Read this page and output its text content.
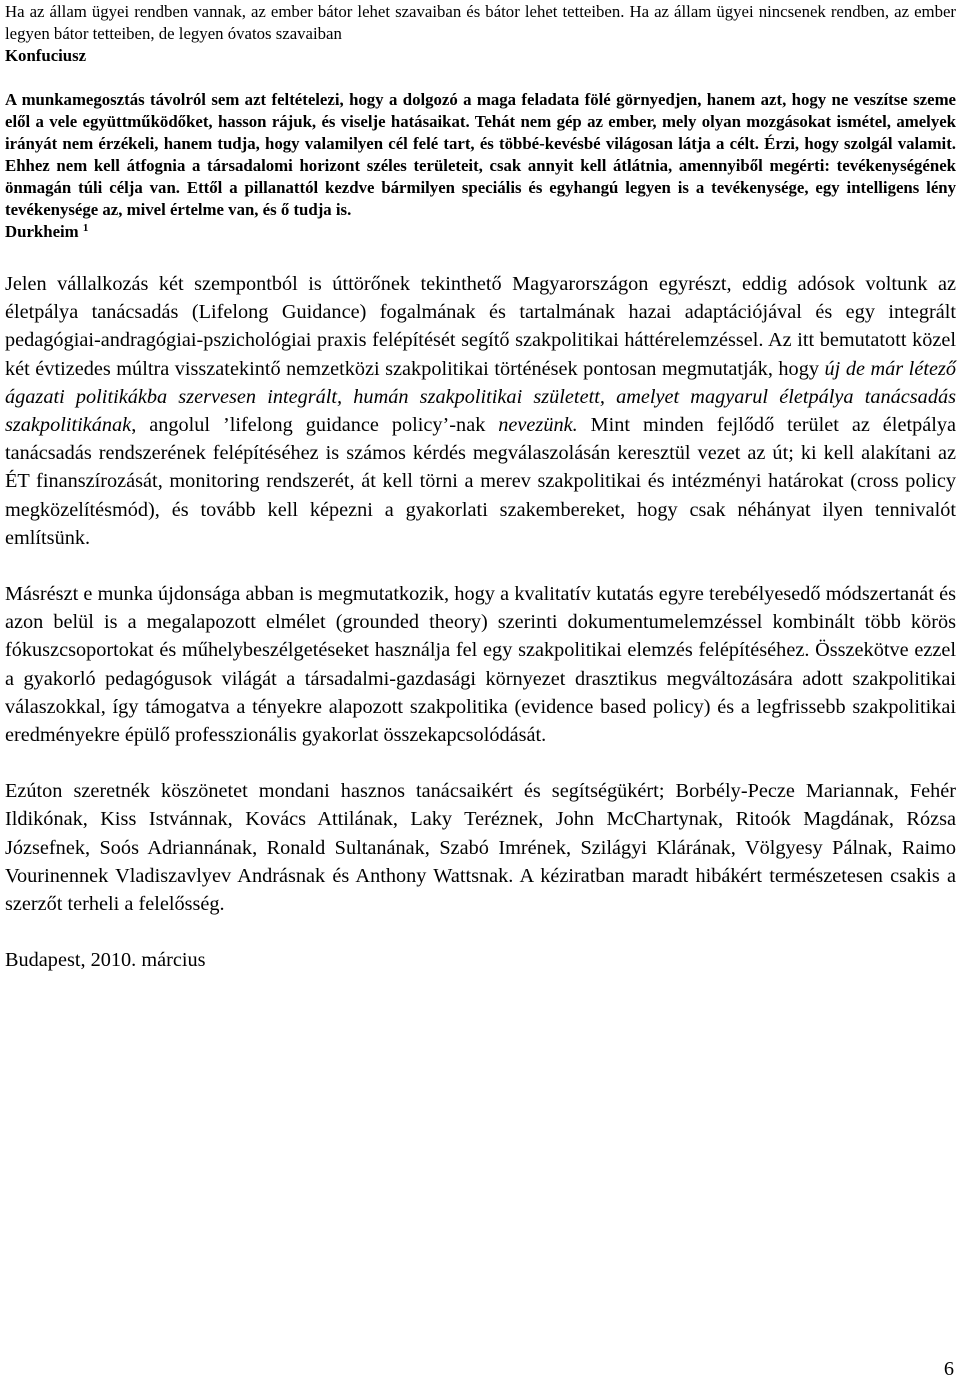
Ha az állam ügyei rendben vannak, az ember bátor lehet szavaiban és bátor lehet tetteiben. Ha az állam ügyei nincsenek rendben, az ember legyen bátor tetteiben, de legyen óvatos szavaiban

Konfuciusz

A munkamegosztás távolról sem azt feltételezi, hogy a dolgozó a maga feladata fölé görnyedjen, hanem azt, hogy ne veszítse szeme elől a vele együttműködőket, hasson rájuk, és viselje hatásaikat. Tehát nem gép az ember, mely olyan mozgásokat ismétel, amelyek irányát nem érzékeli, hanem tudja, hogy valamilyen cél felé tart, és többé-kevésbé világosan látja a célt. Érzi, hogy szolgál valamit. Ehhez nem kell átfognia a társadalomi horizont széles területeit, csak annyit kell átlátnia, amennyiből megérti: tevékenységének önmagán túli célja van. Ettől a pillanattól kezdve bármilyen speciális és egyhangú legyen is a tevékenysége, egy intelligens lény tevékenysége az, mivel értelme van, és ő tudja is.

Durkheim $^1$

Jelen vállalkozás két szempontból is úttörőnek tekinthető Magyarországon egyrészt, eddig adósok voltunk az életpálya tanácsadás (Lifelong Guidance) fogalmának és tartalmának hazai adaptációjával és egy integrált pedagógiai-andragógiai-pszichológiai praxis felépítését segítő szakpolitikai háttérelemzéssel. Az itt bemutatott közel két évtizedes múltra visszatekintő nemzetközi szakpolitikai történések pontosan megmutatják, hogy új de már létező ágazati politikákba szervesen integrált, humán szakpolitikai született, amelyet magyarul életpálya tanácsadás szakpolitikának, angolul ’lifelong guidance policy’-nak nevezünk. Mint minden fejlődő terület az életpálya tanácsadás rendszerének felépítéséhez is számos kérdés megválaszolásán keresztül vezet az út; ki kell alakítani az ÉT finanszírozását, monitoring rendszerét, át kell törni a merev szakpolitikai és intézményi határokat (cross policy megközelítésmód), és tovább kell képezni a gyakorlati szakembereket, hogy csak néhányat ilyen tennivalót említsünk.

Másrészt e munka újdonsága abban is megmutatkozik, hogy a kvalitatív kutatás egyre terebélyesedő módszertanát és azon belül is a megalapozott elmélet (grounded theory) szerinti dokumentumelemzéssel kombinált több körös fókuszcsoportokat és műhelybeszélgetéseket használja fel egy szakpolitikai elemzés felépítéséhez. Összekötve ezzel a gyakorló pedagógusok világát a társadalmi-gazdasági környezet drasztikus megváltozására adott szakpolitikai válaszokkal, így támogatva a tényekre alapozott szakpolitika (evidence based policy) és a legfrissebb szakpolitikai eredményekre épülő professzionális gyakorlat összekapcsolódását.

Ezúton szeretnék köszönetet mondani hasznos tanácsaikért és segítségükért; Borbély-Pecze Mariannak, Fehér Ildikónak, Kiss Istvánnak, Kovács Attilának, Laky Teréznek, John McChartynak, Ritoók Magdának, Rózsa Józsefnek, Soós Adriannának, Ronald Sultanának, Szabó Imrének, Szilágyi Klárának, Völgyesy Pálnak, Raimo Vourinennek Vladiszavlyev Andrásnak és Anthony Wattsnak. A kéziratban maradt hibákért természetesen csakis a szerzőt terheli a felelősség.

Budapest, 2010. március

6
